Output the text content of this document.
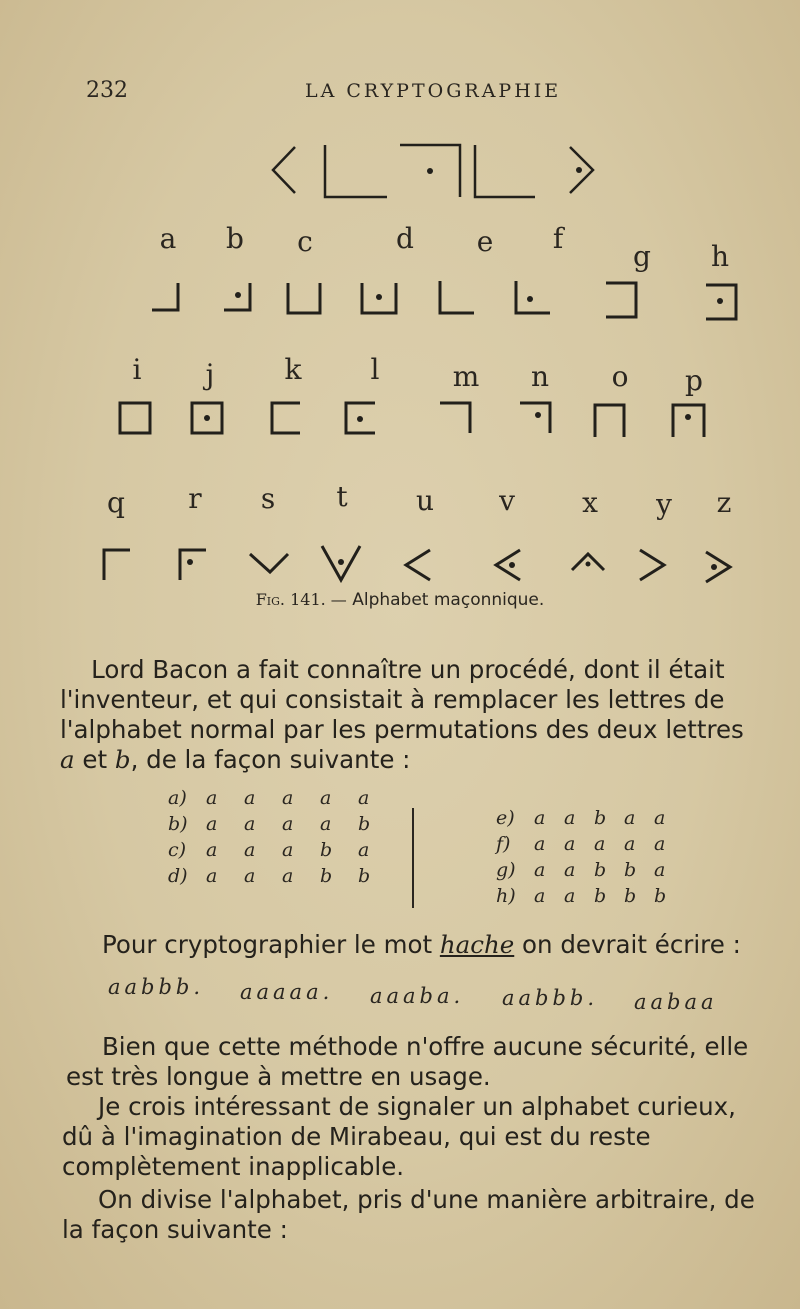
232	LA CRYPTOGRAPHIE
a	b	c	d	e	f
g	h
i	j	k	l	m	n	o	p
q	r	s	t	u	v	x	y	z
Fig. 141. — Alphabet maçonnique.
Lord Bacon a fait connaître un procédé, dont il était l'inventeur, et qui consistait à remplacer les lettres de l'alphabet normal par les permutations des deux lettres a et b, de la façon suivante :
a) a a a a a
b) a a a a b
c) a a a b a
d) a a a b b
e) a a b a a
f) a a a a a
g) a a b b a
h) a a b b b
Pour cryptographier le mot hache on devrait écrire :
aabbb. aaaaa. aaaba. aabbb. aabaa
Bien que cette méthode n'offre aucune sécurité, elle est très longue à mettre en usage.
Je crois intéressant de signaler un alphabet curieux, dû à l'imagination de Mirabeau, qui est du reste complètement inapplicable.
On divise l'alphabet, pris d'une manière arbitraire, de la façon suivante :
